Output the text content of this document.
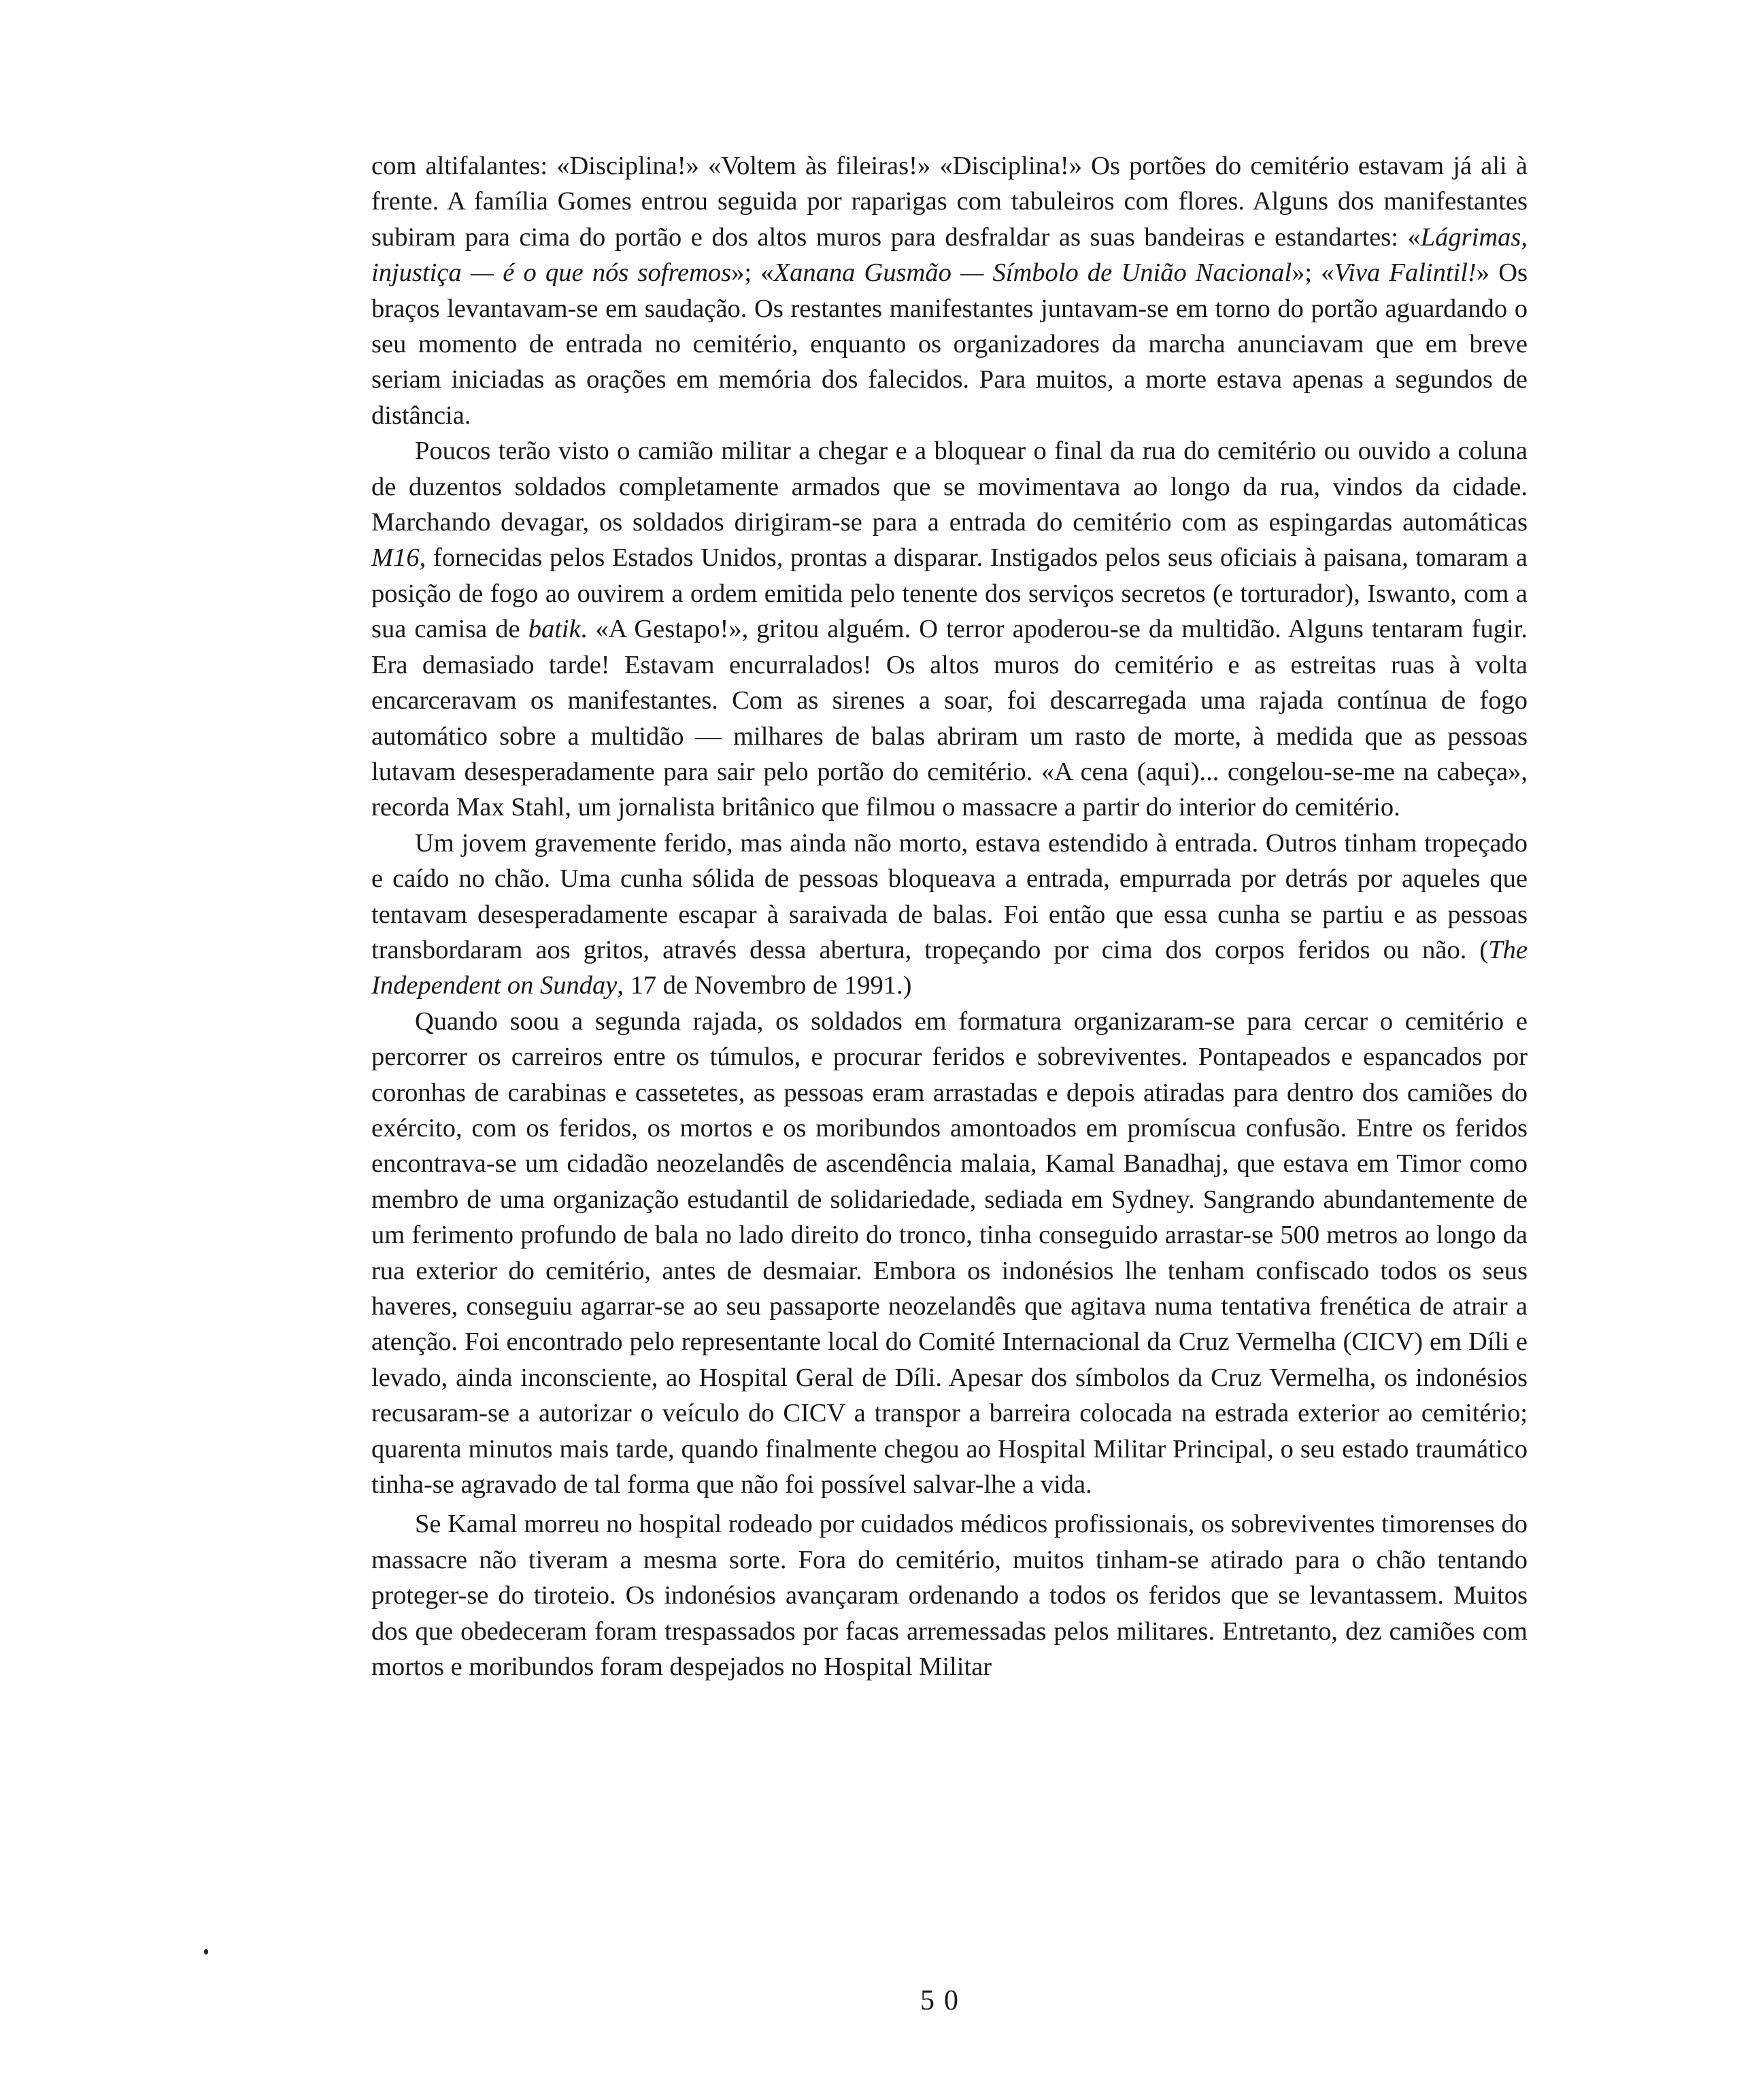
com altifalantes: «Disciplina!» «Voltem às fileiras!» «Disciplina!» Os portões do cemitério estavam já ali à frente. A família Gomes entrou seguida por raparigas com tabuleiros com flores. Alguns dos manifestantes subiram para cima do portão e dos altos muros para desfraldar as suas bandeiras e estandartes: «Lágrimas, injustiça — é o que nós sofremos»; «Xanana Gusmão — Símbolo de União Nacional»; «Viva Falintil!» Os braços levantavam-se em saudação. Os restantes manifestantes juntavam-se em torno do portão aguardando o seu momento de entrada no cemitério, enquanto os organizadores da marcha anunciavam que em breve seriam iniciadas as orações em memória dos falecidos. Para muitos, a morte estava apenas a segundos de distância.

Poucos terão visto o camião militar a chegar e a bloquear o final da rua do cemitério ou ouvido a coluna de duzentos soldados completamente armados que se movimentava ao longo da rua, vindos da cidade. Marchando devagar, os soldados dirigiram-se para a entrada do cemitério com as espingardas automáticas M16, fornecidas pelos Estados Unidos, prontas a disparar. Instigados pelos seus oficiais à paisana, tomaram a posição de fogo ao ouvirem a ordem emitida pelo tenente dos serviços secretos (e torturador), Iswanto, com a sua camisa de batik. «A Gestapo!», gritou alguém. O terror apoderou-se da multidão. Alguns tentaram fugir. Era demasiado tarde! Estavam encurralados! Os altos muros do cemitério e as estreitas ruas à volta encarceravam os manifestantes. Com as sirenes a soar, foi descarregada uma rajada contínua de fogo automático sobre a multidão — milhares de balas abriram um rasto de morte, à medida que as pessoas lutavam desesperadamente para sair pelo portão do cemitério. «A cena (aqui)... congelou-se-me na cabeça», recorda Max Stahl, um jornalista britânico que filmou o massacre a partir do interior do cemitério.

Um jovem gravemente ferido, mas ainda não morto, estava estendido à entrada. Outros tinham tropeçado e caído no chão. Uma cunha sólida de pessoas bloqueava a entrada, empurrada por detrás por aqueles que tentavam desesperadamente escapar à saraivada de balas. Foi então que essa cunha se partiu e as pessoas transbordaram aos gritos, através dessa abertura, tropeçando por cima dos corpos feridos ou não. (The Independent on Sunday, 17 de Novembro de 1991.)

Quando soou a segunda rajada, os soldados em formatura organizaram-se para cercar o cemitério e percorrer os carreiros entre os túmulos, e procurar feridos e sobreviventes. Pontapeados e espancados por coronhas de carabinas e cassetetes, as pessoas eram arrastadas e depois atiradas para dentro dos camiões do exército, com os feridos, os mortos e os moribundos amontoados em promíscua confusão. Entre os feridos encontrava-se um cidadão neozelandês de ascendência malaia, Kamal Banadhaj, que estava em Timor como membro de uma organização estudantil de solidariedade, sediada em Sydney. Sangrando abundantemente de um ferimento profundo de bala no lado direito do tronco, tinha conseguido arrastar-se 500 metros ao longo da rua exterior do cemitério, antes de desmaiar. Embora os indonésios lhe tenham confiscado todos os seus haveres, conseguiu agarrar-se ao seu passaporte neozelandês que agitava numa tentativa frenética de atrair a atenção. Foi encontrado pelo representante local do Comité Internacional da Cruz Vermelha (CICV) em Díli e levado, ainda inconsciente, ao Hospital Geral de Díli. Apesar dos símbolos da Cruz Vermelha, os indonésios recusaram-se a autorizar o veículo do CICV a transpor a barreira colocada na estrada exterior ao cemitério; quarenta minutos mais tarde, quando finalmente chegou ao Hospital Militar Principal, o seu estado traumático tinha-se agravado de tal forma que não foi possível salvar-lhe a vida.

Se Kamal morreu no hospital rodeado por cuidados médicos profissionais, os sobreviventes timorenses do massacre não tiveram a mesma sorte. Fora do cemitério, muitos tinham-se atirado para o chão tentando proteger-se do tiroteio. Os indonésios avançaram ordenando a todos os feridos que se levantassem. Muitos dos que obedeceram foram trespassados por facas arremessadas pelos militares. Entretanto, dez camiões com mortos e moribundos foram despejados no Hospital Militar

50
